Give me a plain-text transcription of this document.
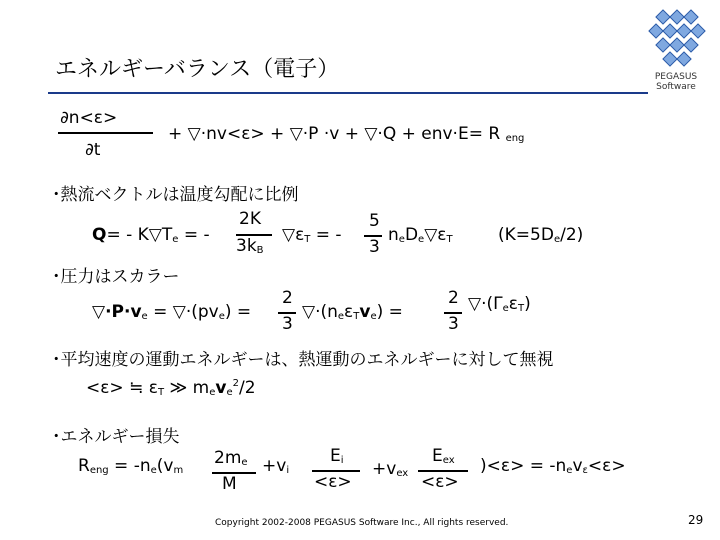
エネルギーバランス（電子）	PEGASUS
Software
∂n<ε>
∂t
+ ▽·nv<ε> + ▽·P ·v + ▽·Q + env·E= R $_{eng}$
･熱流ベクトルは温度勾配に比例
$Q= - K▽T_e$ = -
2K
$3k_B$
$▽\varepsilon_T$ = -
5
3
$n_eD_e▽\varepsilon_T$	$(K=5D_e/2)$
･圧力はスカラー
$▽\cdot P\cdot v_e$ = $▽\cdot(pv_e)$ =
2
3
$▽\cdot(n_e\varepsilon_Tv_e)$ =
2
3
$▽\cdot(\Gamma_e\varepsilon_T)$
･平均速度の運動エネルギーは、熱運動のエネルギーに対して無視
<ε> ≒ $\varepsilon_T$ ≫ $m_ev_e^2/2$
･エネルギー損失
$R_{eng} = -n_e(v_m$
$2m_e$
M
$+v_i$
$E_i$
<ε>
$+v_{ex}$
$E_{ex}$
<ε>
)$<\varepsilon> = -n_ev_\varepsilon<\varepsilon>$
Copyright 2002-2008 PEGASUS Software Inc., All rights reserved.	29
